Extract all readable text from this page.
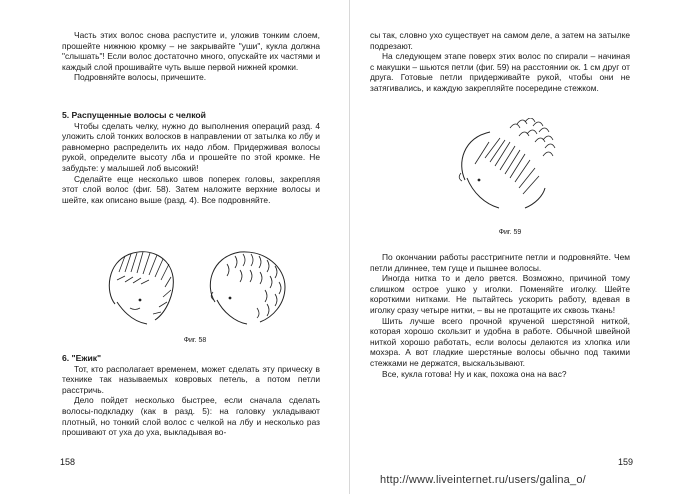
Часть этих волос снова распустите и, уложив тонким слоем, прошейте нижнюю кромку – не закрывайте "уши", кукла должна "слышать"! Если волос достаточно много, опускайте их частями и каждый слой прошивайте чуть выше первой нижней кромки.

Подровняйте волосы, причешите.

5. Распущенные волосы с челкой

Чтобы сделать челку, нужно до выполнения операций разд. 4 уложить слой тонких волосков в направлении от затылка ко лбу и равномерно распределить их надо лбом. Придерживая волосы рукой, определите высоту лба и прошейте по этой кромке. Не забудьте: у малышей лоб высокий!

Сделайте еще несколько швов поперек головы, закрепляя этот слой волос (фиг. 58). Затем наложите верхние волосы и шейте, как описано выше (разд. 4). Все подровняйте.

Фиг. 58
6. "Ежик"

Тот, кто располагает временем, может сделать эту прическу в технике так называемых ковровых петель, а потом петли расстричь.

Дело пойдет несколько быстрее, если сначала сделать волосы-подкладку (как в разд. 5): на головку укладывают плотный, но тонкий слой волос с челкой на лбу и несколько раз прошивают от уха до уха, выкладывая во-

158

сы так, словно ухо существует на самом деле, а затем на затылке подрезают.

На следующем этапе поверх этих волос по спирали – начиная с макушки – шьются петли (фиг. 59) на расстоянии ок. 1 см друг от друга. Готовые петли придерживайте рукой, чтобы они не затягивались, и каждую закрепляйте посередине стежком.

Фиг. 59

По окончании работы расстригните петли и подровняйте. Чем петли длиннее, тем гуще и пышнее волосы.

Иногда нитка то и дело рвется. Возможно, причиной тому слишком острое ушко у иголки. Поменяйте иголку. Шейте короткими нитками. Не пытайтесь ускорить работу, вдевая в иголку сразу четыре нитки, – вы не протащите их сквозь ткань!

Шить лучше всего прочной крученой шерстяной ниткой, которая хорошо скользит и удобна в работе. Обычной швейной ниткой хорошо работать, если волосы делаются из хлопка или мохэра. А вот гладкие шерстяные волосы обычно под такими стежками не держатся, выскальзывают.

Все, кукла готова! Ну и как, похожа она на вас?

159
http://www.liveinternet.ru/users/galina_o/
